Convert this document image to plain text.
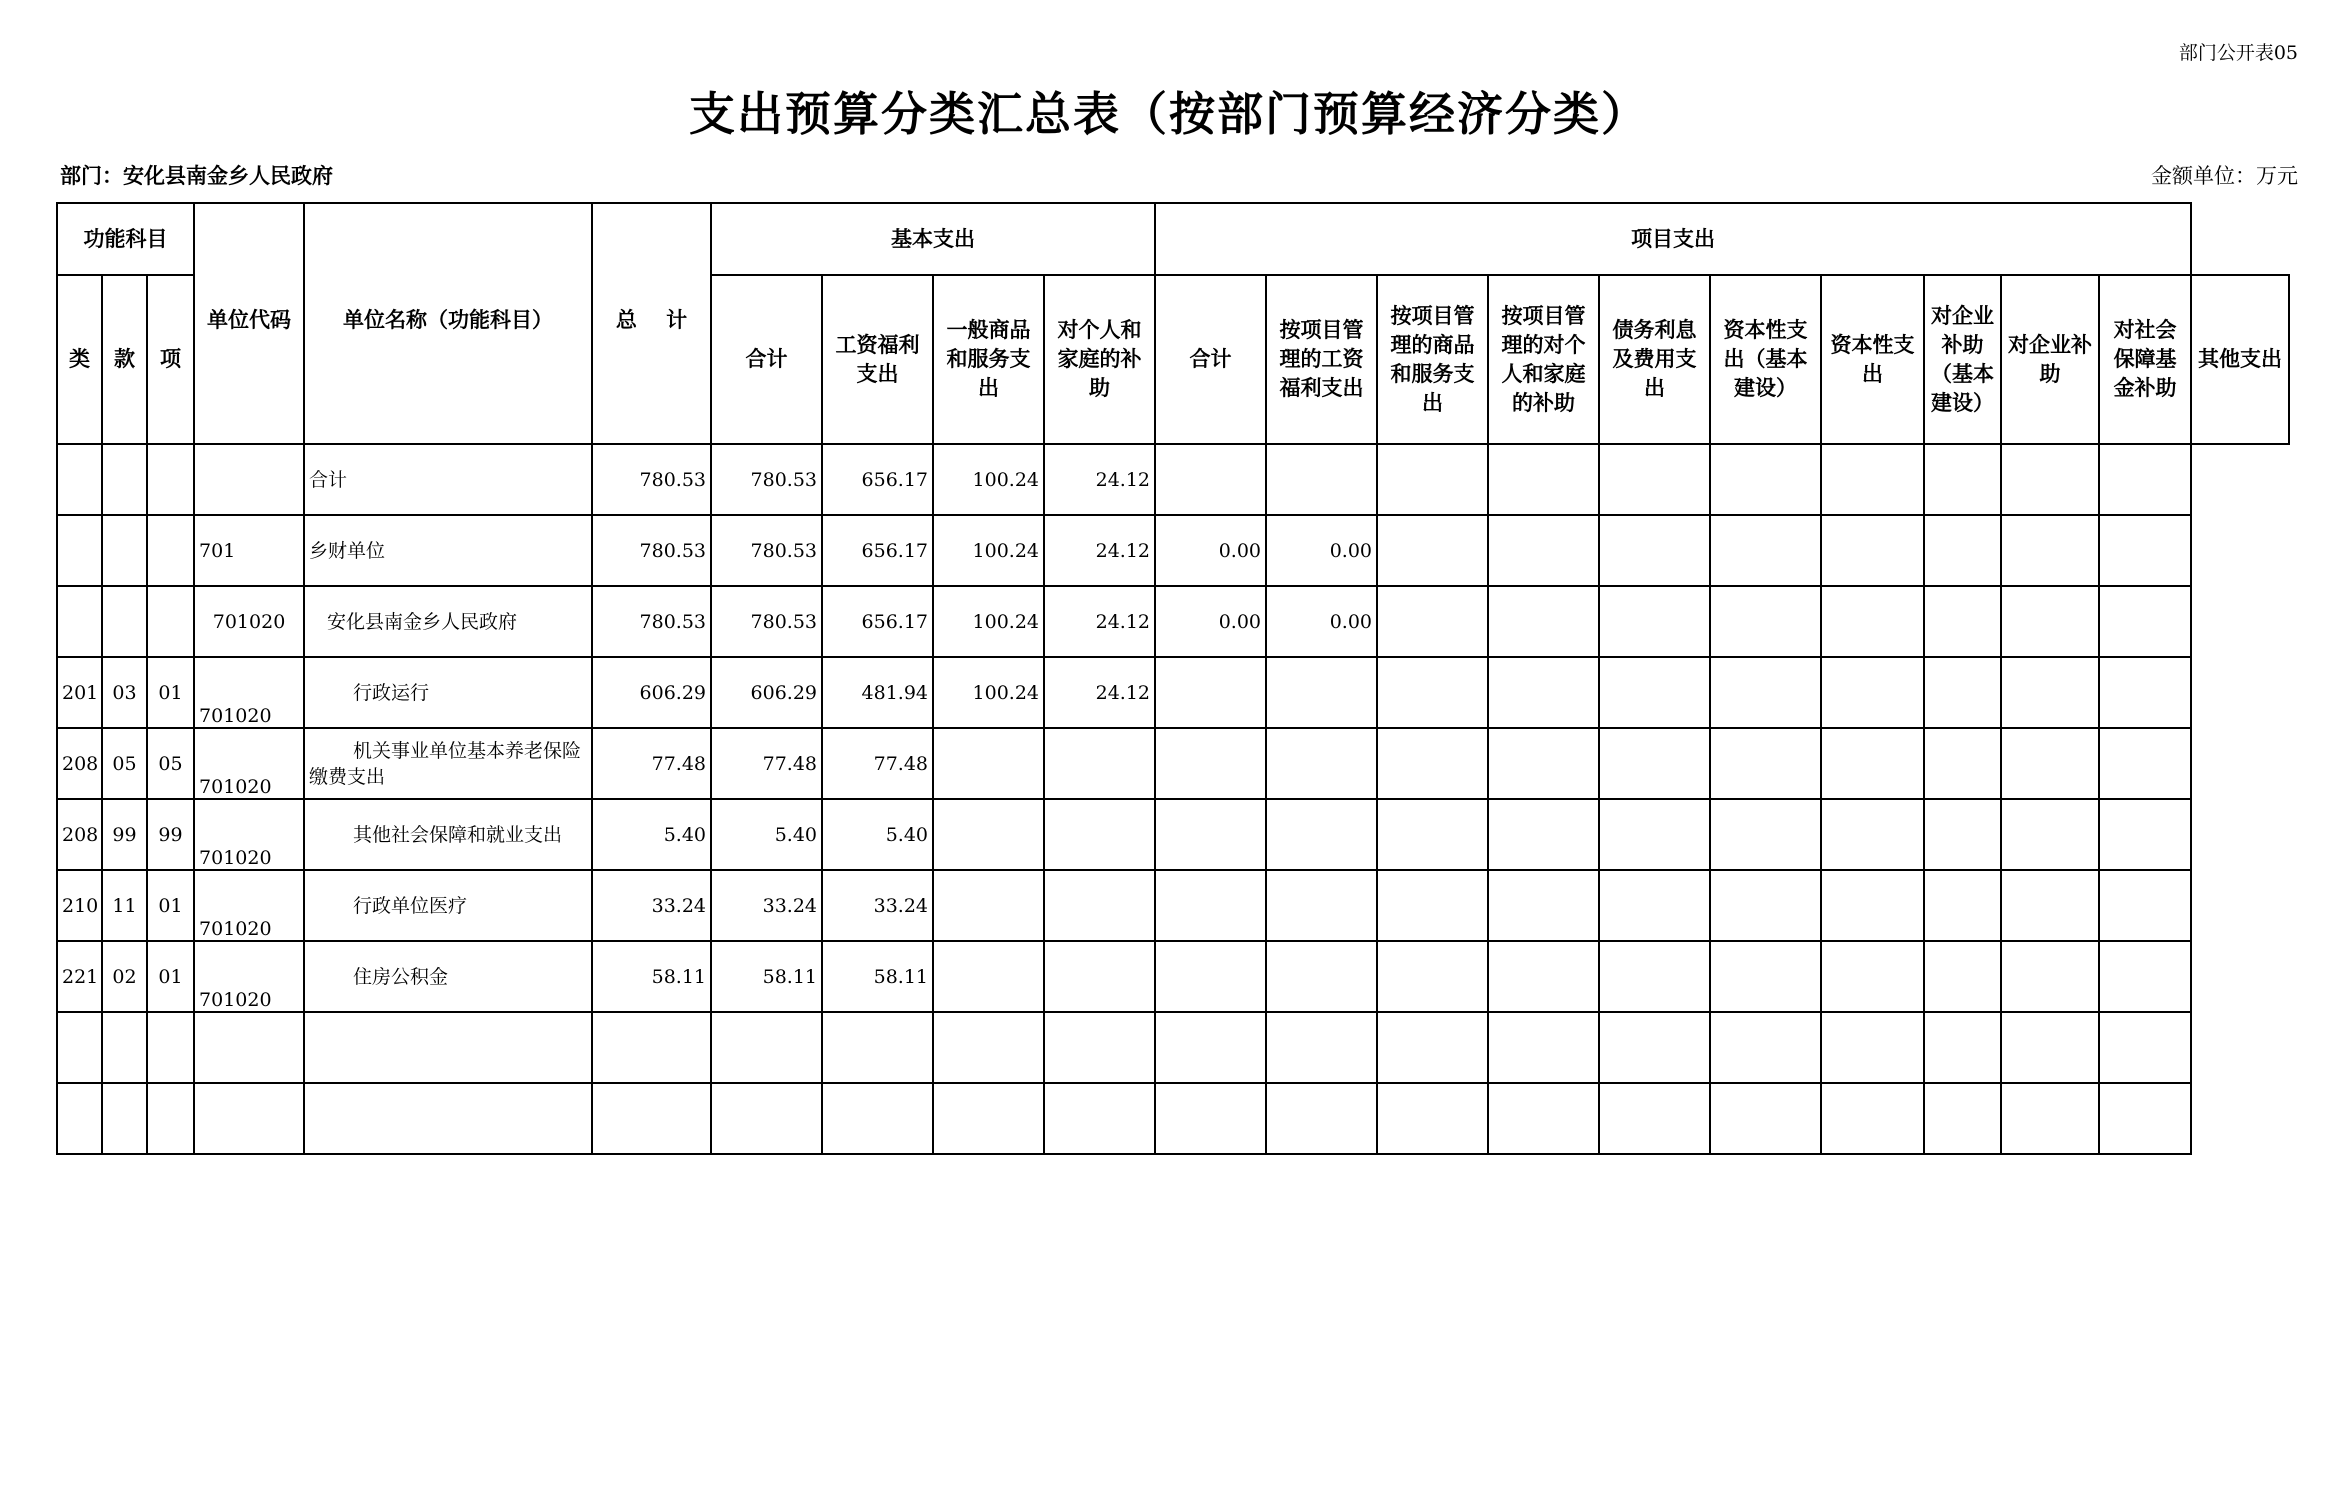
部门公开表05
支出预算分类汇总表（按部门预算经济分类）
部门：安化县南金乡人民政府	金额单位：万元
功能科目			单位代码	单位名称（功能科目）	总    计	基本支出				项目支出										
类	款	项				合计	工资福利支出	一般商品和服务支出	对个人和家庭的补助	合计	按项目管理的工资福利支出	按项目管理的商品和服务支出	按项目管理的对个人和家庭的补助	债务利息及费用支出	资本性支出（基本建设）	资本性支出	对企业补助（基本建设）	对企业补助	对社会保障基金补助	其他支出
				合计	780.53	780.53	656.17	100.24	24.12											
			701	乡财单位	780.53	780.53	656.17	100.24	24.12	0.00	0.00									
			701020	安化县南金乡人民政府	780.53	780.53	656.17	100.24	24.12	0.00	0.00									
201	03	01	701020	行政运行	606.29	606.29	481.94	100.24	24.12											
208	05	05	701020	机关事业单位基本养老保险缴费支出	77.48	77.48	77.48													
208	99	99	701020	其他社会保障和就业支出	5.40	5.40	5.40													
210	11	01	701020	行政单位医疗	33.24	33.24	33.24													
221	02	01	701020	住房公积金	58.11	58.11	58.11													
